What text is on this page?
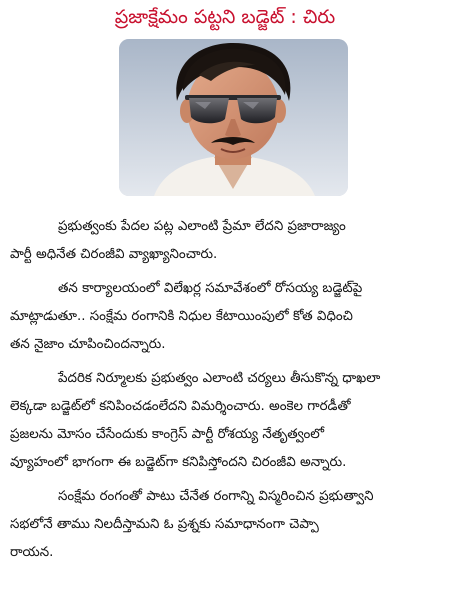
ప్రజాక్షేమం పట్టని బడ్జెట్ : చిరు

ప్రభుత్వంకు పేదల పట్ల ఎలాంటి ప్రేమా లేదని ప్రజారాజ్యం
పార్టీ అధినేత చిరంజీవి వ్యాఖ్యానించారు.

తన కార్యాలయంలో విలేఖర్ల సమావేశంలో రోసయ్య బడ్జెట్‌పై
మాట్లాడుతూ.. సంక్షేమ రంగానికి నిధుల కేటాయింపులో కోత విధించి
తన నైజాం చూపించిందన్నారు.

పేదరిక నిర్మూలకు ప్రభుత్వం ఎలాంటి చర్యలు తీసుకొన్న ధాఖలా
లెక్కడా బడ్జెట్‌లో కనిపించడంలేదని విమర్శించారు. అంకెల గారడీతో
ప్రజలను మోసం చేసేందుకు కాంగ్రెస్ పార్టీ రోశయ్య నేతృత్వంలో
వ్యూహంలో భాగంగా ఈ బడ్జెట్‌గా కనిపిస్తోందని చిరంజీవి అన్నారు.

సంక్షేమ రంగంతో పాటు చేనేత రంగాన్ని విస్మరించిన ప్రభుత్వాని
సభలోనే తాము నిలదీస్తామని ఓ ప్రశ్నకు సమాధానంగా చెప్పా
రాయన.
